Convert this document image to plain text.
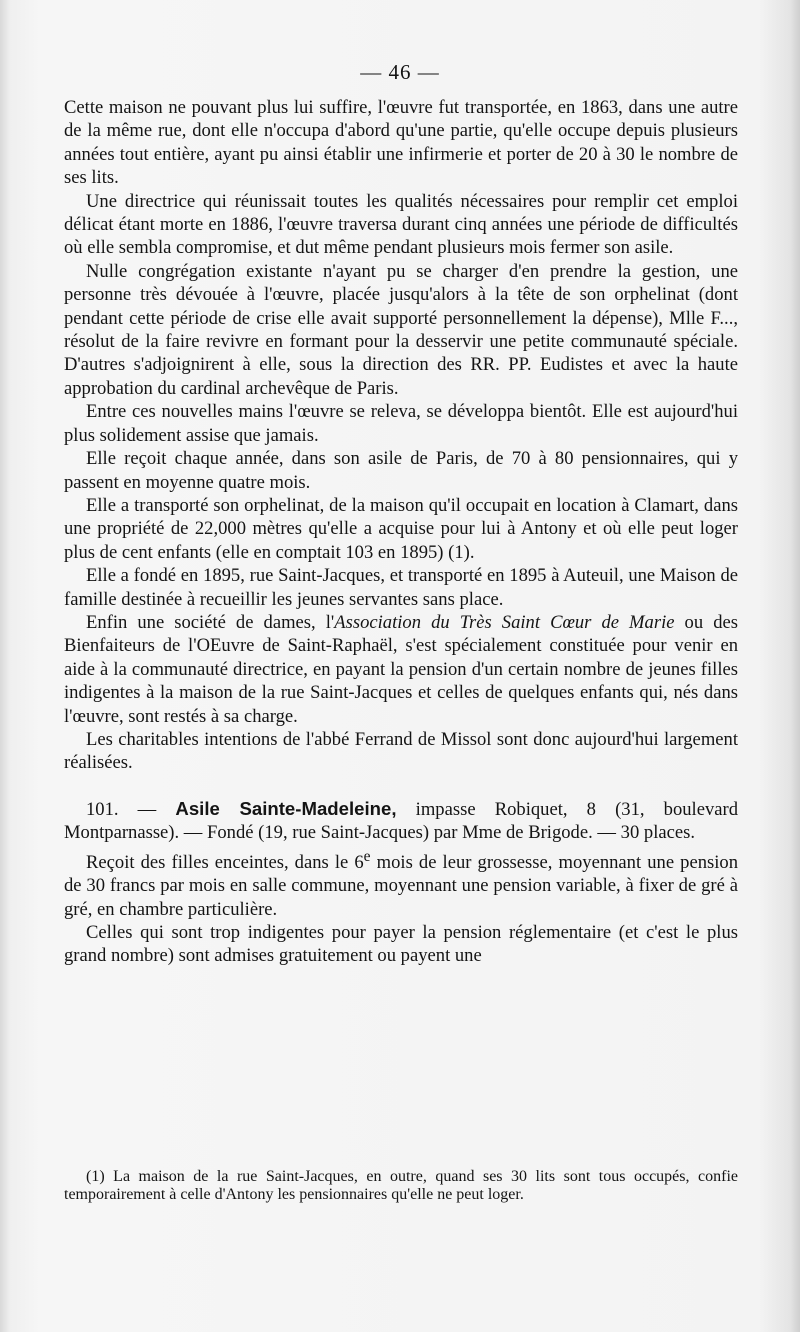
— 46 —

Cette maison ne pouvant plus lui suffire, l'œuvre fut transportée, en 1863, dans une autre de la même rue, dont elle n'occupa d'abord qu'une partie, qu'elle occupe depuis plusieurs années tout entière, ayant pu ainsi établir une infirmerie et porter de 20 à 30 le nombre de ses lits.

Une directrice qui réunissait toutes les qualités nécessaires pour remplir cet emploi délicat étant morte en 1886, l'œuvre traversa durant cinq années une période de difficultés où elle sembla compromise, et dut même pendant plusieurs mois fermer son asile.

Nulle congrégation existante n'ayant pu se charger d'en prendre la gestion, une personne très dévouée à l'œuvre, placée jusqu'alors à la tête de son orphelinat (dont pendant cette période de crise elle avait supporté personnellement la dépense), Mlle F..., résolut de la faire revivre en formant pour la desservir une petite communauté spéciale. D'autres s'adjoignirent à elle, sous la direction des RR. PP. Eudistes et avec la haute approbation du cardinal archevêque de Paris.

Entre ces nouvelles mains l'œuvre se releva, se développa bientôt. Elle est aujourd'hui plus solidement assise que jamais.

Elle reçoit chaque année, dans son asile de Paris, de 70 à 80 pensionnaires, qui y passent en moyenne quatre mois.

Elle a transporté son orphelinat, de la maison qu'il occupait en location à Clamart, dans une propriété de 22,000 mètres qu'elle a acquise pour lui à Antony et où elle peut loger plus de cent enfants (elle en comptait 103 en 1895) (1).

Elle a fondé en 1895, rue Saint-Jacques, et transporté en 1895 à Auteuil, une Maison de famille destinée à recueillir les jeunes servantes sans place.

Enfin une société de dames, l'Association du Très Saint Cœur de Marie ou des Bienfaiteurs de l'OEuvre de Saint-Raphaël, s'est spécialement constituée pour venir en aide à la communauté directrice, en payant la pension d'un certain nombre de jeunes filles indigentes à la maison de la rue Saint-Jacques et celles de quelques enfants qui, nés dans l'œuvre, sont restés à sa charge.

Les charitables intentions de l'abbé Ferrand de Missol sont donc aujourd'hui largement réalisées.

101. — Asile Sainte-Madeleine, impasse Robiquet, 8 (31, boulevard Montparnasse). — Fondé (19, rue Saint-Jacques) par Mme de Brigode. — 30 places.

Reçoit des filles enceintes, dans le 6e mois de leur grossesse, moyennant une pension de 30 francs par mois en salle commune, moyennant une pension variable, à fixer de gré à gré, en chambre particulière.

Celles qui sont trop indigentes pour payer la pension réglementaire (et c'est le plus grand nombre) sont admises gratuitement ou payent une

(1) La maison de la rue Saint-Jacques, en outre, quand ses 30 lits sont tous occupés, confie temporairement à celle d'Antony les pensionnaires qu'elle ne peut loger.
